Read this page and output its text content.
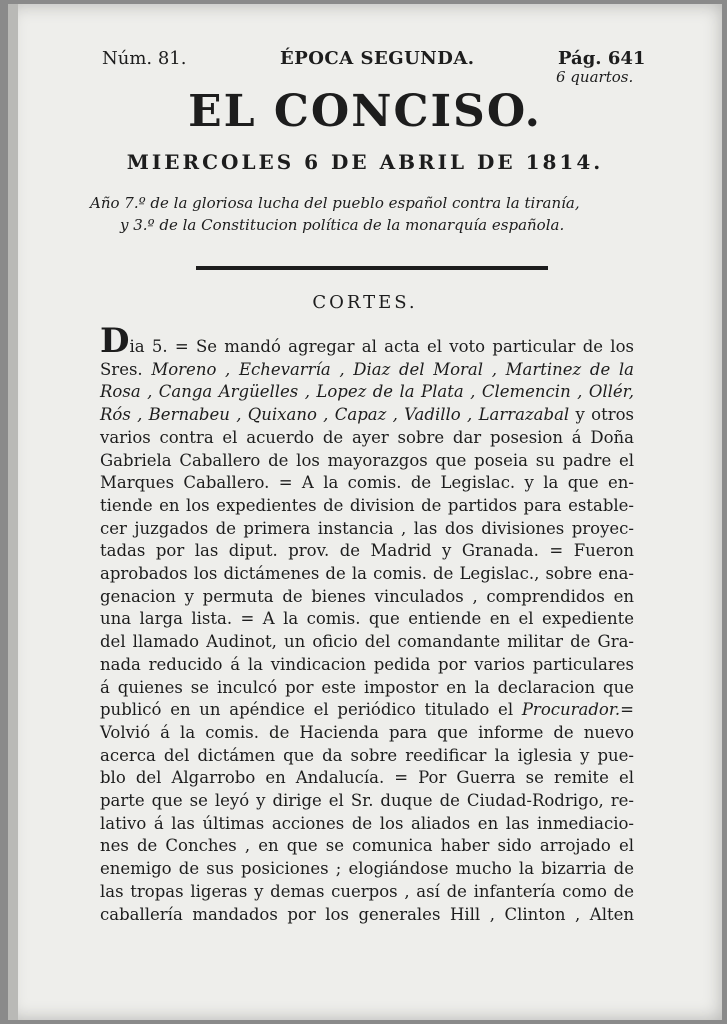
Núm. 81.	ÉPOCA SEGUNDA.	Pág. 641
6 quartos.
EL CONCISO.
MIERCOLES 6 DE ABRIL DE 1814.
Año 7.º de la gloriosa lucha del pueblo español contra la tiranía,
y 3.º de la Constitucion política de la monarquía española.
CORTES.
Dia 5. = Se mandó agregar al acta el voto particular de los
Sres. Moreno , Echevarría , Diaz del Moral , Martinez de la
Rosa , Canga Argüelles , Lopez de la Plata , Clemencin , Ollér,
Rós , Bernabeu , Quixano , Capaz , Vadillo , Larrazabal y otros
varios contra el acuerdo de ayer sobre dar posesion á Doña
Gabriela Caballero de los mayorazgos que poseia su padre el
Marques Caballero. = A la comis. de Legislac. y la que en-
tiende en los expedientes de division de partidos para estable-
cer juzgados de primera instancia , las dos divisiones proyec-
tadas por las diput. prov. de Madrid y Granada. = Fueron
aprobados los dictámenes de la comis. de Legislac., sobre ena-
genacion y permuta de bienes vinculados , comprendidos en
una larga lista. = A la comis. que entiende en el expediente
del llamado Audinot, un oficio del comandante militar de Gra-
nada reducido á la vindicacion pedida por varios particulares
á quienes se inculcó por este impostor en la declaracion que
publicó en un apéndice el periódico titulado el Procurador.=
Volvió á la comis. de Hacienda para que informe de nuevo
acerca del dictámen que da sobre reedificar la iglesia y pue-
blo del Algarrobo en Andalucía. = Por Guerra se remite el
parte que se leyó y dirige el Sr. duque de Ciudad-Rodrigo, re-
lativo á las últimas acciones de los aliados en las inmediacio-
nes de Conches , en que se comunica haber sido arrojado el
enemigo de sus posiciones ; elogiándose mucho la bizarria de
las tropas ligeras y demas cuerpos , así de infantería como de
caballería mandados por los generales Hill , Clinton , Alten
